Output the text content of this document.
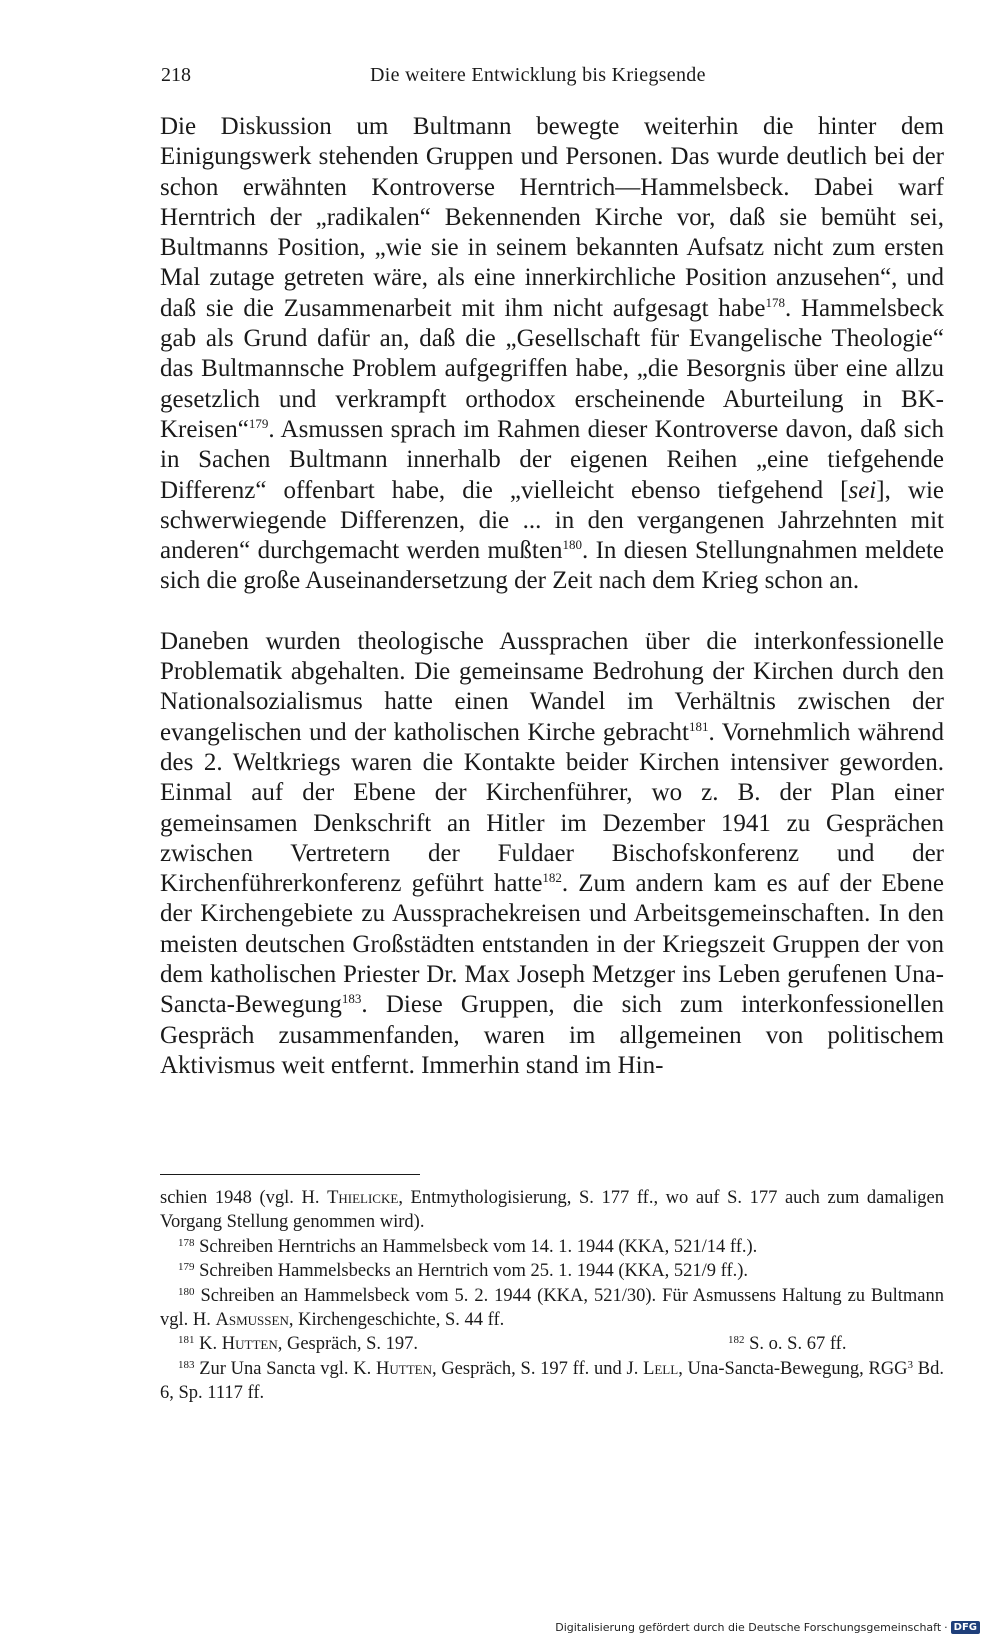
218	Die weitere Entwicklung bis Kriegsende

Die Diskussion um Bultmann bewegte weiterhin die hinter dem Einigungswerk stehenden Gruppen und Personen. Das wurde deutlich bei der schon erwähnten Kontroverse Herntrich—Hammelsbeck. Dabei warf Herntrich der „radikalen“ Bekennenden Kirche vor, daß sie bemüht sei, Bultmanns Position, „wie sie in seinem bekannten Aufsatz nicht zum ersten Mal zutage getreten wäre, als eine innerkirchliche Position anzusehen“, und daß sie die Zusammenarbeit mit ihm nicht aufgesagt habe$^{178}$. Hammelsbeck gab als Grund dafür an, daß die „Gesellschaft für Evangelische Theologie“ das Bultmannsche Problem aufgegriffen habe, „die Besorgnis über eine allzu gesetzlich und verkrampft orthodox erscheinende Aburteilung in BK-Kreisen“$^{179}$. Asmussen sprach im Rahmen dieser Kontroverse davon, daß sich in Sachen Bultmann innerhalb der eigenen Reihen „eine tiefgehende Differenz“ offenbart habe, die „vielleicht ebenso tiefgehend [sei], wie schwerwiegende Differenzen, die ... in den vergangenen Jahrzehnten mit anderen“ durchgemacht werden mußten$^{180}$. In diesen Stellungnahmen meldete sich die große Auseinandersetzung der Zeit nach dem Krieg schon an.

Daneben wurden theologische Aussprachen über die interkonfessionelle Problematik abgehalten. Die gemeinsame Bedrohung der Kirchen durch den Nationalsozialismus hatte einen Wandel im Verhältnis zwischen der evangelischen und der katholischen Kirche gebracht$^{181}$. Vornehmlich während des 2. Weltkriegs waren die Kontakte beider Kirchen intensiver geworden. Einmal auf der Ebene der Kirchenführer, wo z. B. der Plan einer gemeinsamen Denkschrift an Hitler im Dezember 1941 zu Gesprächen zwischen Vertretern der Fuldaer Bischofskonferenz und der Kirchenführerkonferenz geführt hatte$^{182}$. Zum andern kam es auf der Ebene der Kirchengebiete zu Aussprachekreisen und Arbeitsgemeinschaften. In den meisten deutschen Großstädten entstanden in der Kriegszeit Gruppen der von dem katholischen Priester Dr. Max Joseph Metzger ins Leben gerufenen Una-Sancta-Bewegung$^{183}$. Diese Gruppen, die sich zum interkonfessionellen Gespräch zusammenfanden, waren im allgemeinen von politischem Aktivismus weit entfernt. Immerhin stand im Hin-

schien 1948 (vgl. H. Thielicke, Entmythologisierung, S. 177 ff., wo auf S. 177 auch zum damaligen Vorgang Stellung genommen wird).

$^{178}$ Schreiben Herntrichs an Hammelsbeck vom 14. 1. 1944 (KKA, 521/14 ff.).

$^{179}$ Schreiben Hammelsbecks an Herntrich vom 25. 1. 1944 (KKA, 521/9 ff.).

$^{180}$ Schreiben an Hammelsbeck vom 5. 2. 1944 (KKA, 521/30). Für Asmussens Haltung zu Bultmann vgl. H. Asmussen, Kirchengeschichte, S. 44 ff.

$^{181}$ K. Hutten, Gespräch, S. 197.	$^{182}$ S. o. S. 67 ff.

$^{183}$ Zur Una Sancta vgl. K. Hutten, Gespräch, S. 197 ff. und J. Lell, Una-Sancta-Bewegung, RGG$^3$ Bd. 6, Sp. 1117 ff.

Digitalisierung gefördert durch die Deutsche Forschungsgemeinschaft · DFG
